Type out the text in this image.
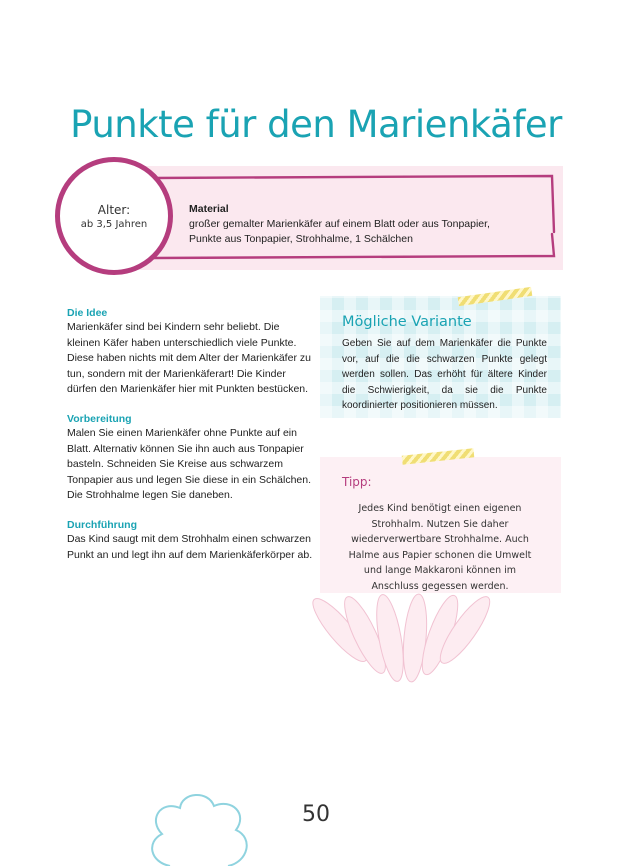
Punkte für den Marienkäfer
Alter:
ab 3,5 Jahren
Material
großer gemalter Marienkäfer auf einem Blatt oder aus Tonpapier,
Punkte aus Tonpapier, Strohhalme, 1 Schälchen

Die Idee

Marienkäfer sind bei Kindern sehr beliebt. Die kleinen Käfer haben unterschiedlich viele Punkte. Diese haben nichts mit dem Alter der Marienkäfer zu tun, sondern mit der Marienkäferart! Die Kinder dürfen den Marienkäfer hier mit Punkten bestücken.

Vorbereitung

Malen Sie einen Marienkäfer ohne Punkte auf ein Blatt. Alternativ können Sie ihn auch aus Tonpapier basteln. Schneiden Sie Kreise aus schwarzem Tonpapier aus und legen Sie diese in ein Schälchen. Die Strohhalme legen Sie daneben.

Durchführung

Das Kind saugt mit dem Strohhalm einen schwarzen Punkt an und legt ihn auf dem Marienkäferkörper ab.

Mögliche Variante
Geben Sie auf dem Marienkäfer die Punkte vor, auf die die schwarzen Punkte gelegt werden sollen. Das erhöht für ältere Kinder die Schwierigkeit, da sie die Punkte koordinierter positionieren müssen.
Tipp:
Jedes Kind benötigt einen eigenen Strohhalm. Nutzen Sie daher wiederverwertbare Strohhalme. Auch Halme aus Papier schonen die Umwelt und lange Makkaroni können im Anschluss gegessen werden.
50
